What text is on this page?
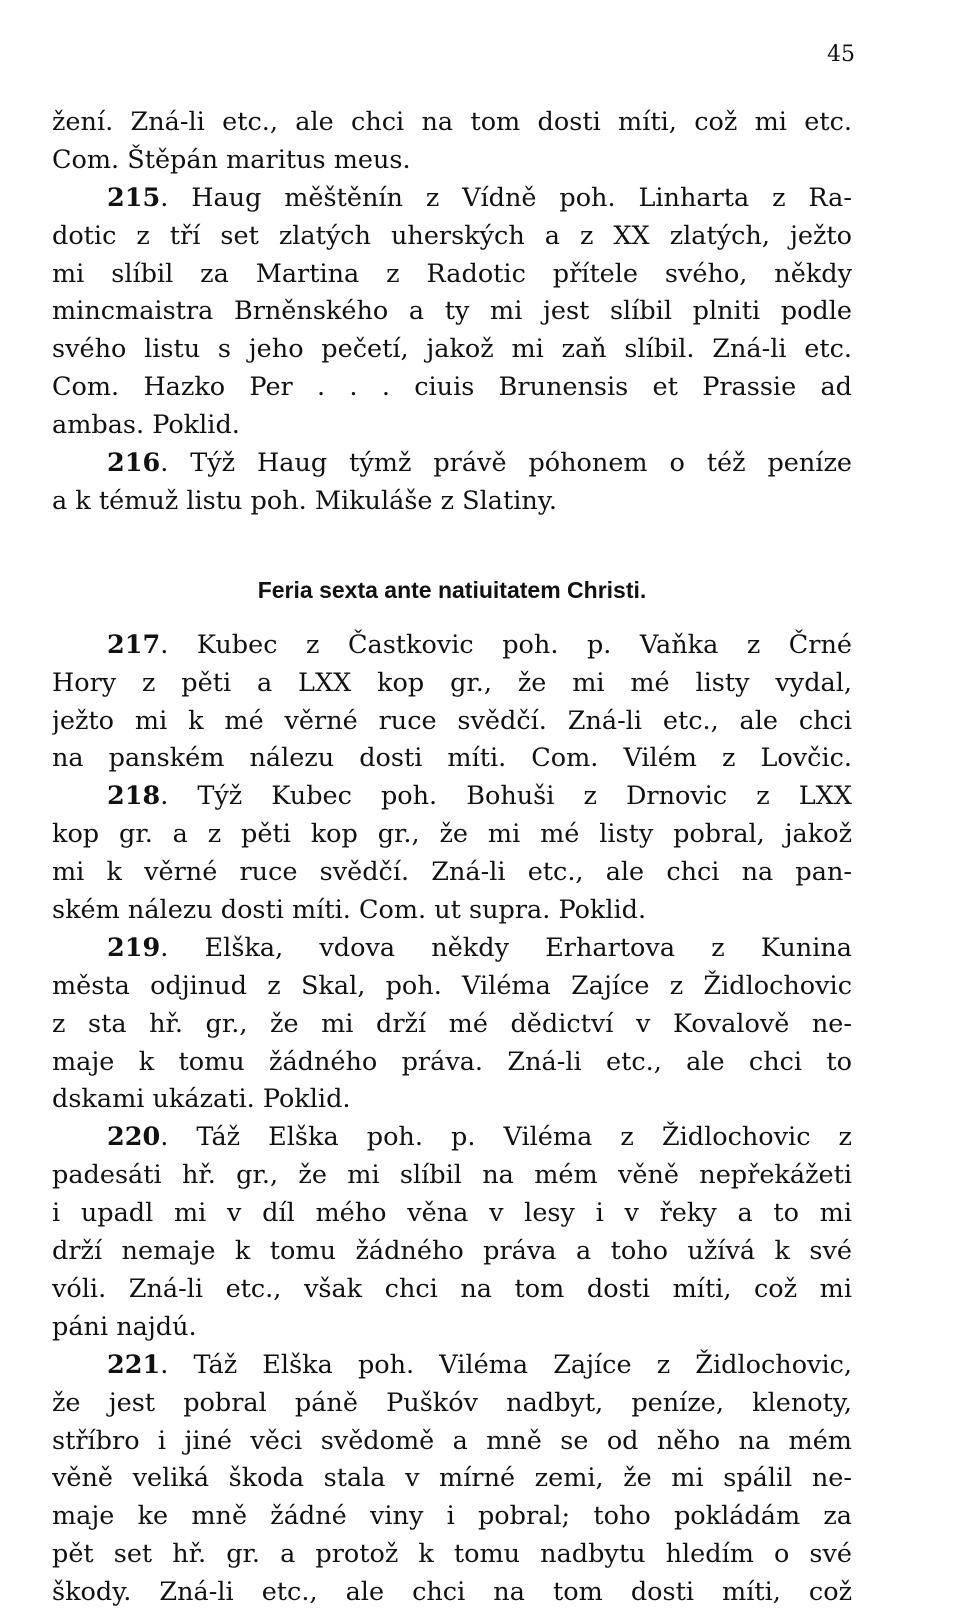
45
žení. Zná-li etc., ale chci na tom dosti míti, což mi etc.
Com. Štěpán maritus meus.
215. Haug měštěnín z Vídně poh. Linharta z Ra-
dotic z tří set zlatých uherských a z XX zlatých, ježto
mi slíbil za Martina z Radotic přítele svého, někdy
mincmaistra Brněnského a ty mi jest slíbil plniti podle
svého listu s jeho pečetí, jakož mi zaň slíbil. Zná-li etc.
Com. Hazko Per . . . ciuis Brunensis et Prassie ad
ambas. Poklid.
216. Týž Haug týmž právě póhonem o též peníze
a k témuž listu poh. Mikuláše z Slatiny.
Feria sexta ante natiuitatem Christi.
217. Kubec z Častkovic poh. p. Vaňka z Črné
Hory z pěti a LXX kop gr., že mi mé listy vydal,
ježto mi k mé věrné ruce svědčí. Zná-li etc., ale chci
na panském nálezu dosti míti. Com. Vilém z Lovčic.
218. Týž Kubec poh. Bohuši z Drnovic z LXX
kop gr. a z pěti kop gr., že mi mé listy pobral, jakož
mi k věrné ruce svědčí. Zná-li etc., ale chci na pan-
ském nálezu dosti míti. Com. ut supra. Poklid.
219. Elška, vdova někdy Erhartova z Kunina
města odjinud z Skal, poh. Viléma Zajíce z Židlochovic
z sta hř. gr., že mi drží mé dědictví v Kovalově ne-
maje k tomu žádného práva. Zná-li etc., ale chci to
dskami ukázati. Poklid.
220. Táž Elška poh. p. Viléma z Židlochovic z
padesáti hř. gr., že mi slíbil na mém věně nepřekážeti
i upadl mi v díl mého věna v lesy i v řeky a to mi
drží nemaje k tomu žádného práva a toho užívá k své
vóli. Zná-li etc., však chci na tom dosti míti, což mi
páni najdú.
221. Táž Elška poh. Viléma Zajíce z Židlochovic,
že jest pobral páně Puškóv nadbyt, peníze, klenoty,
stříbro i jiné věci svědomě a mně se od něho na mém
věně veliká škoda stala v mírné zemi, že mi spálil ne-
maje ke mně žádné viny i pobral; toho pokládám za
pět set hř. gr. a protož k tomu nadbytu hledím o své
škody. Zná-li etc., ale chci na tom dosti míti, což
